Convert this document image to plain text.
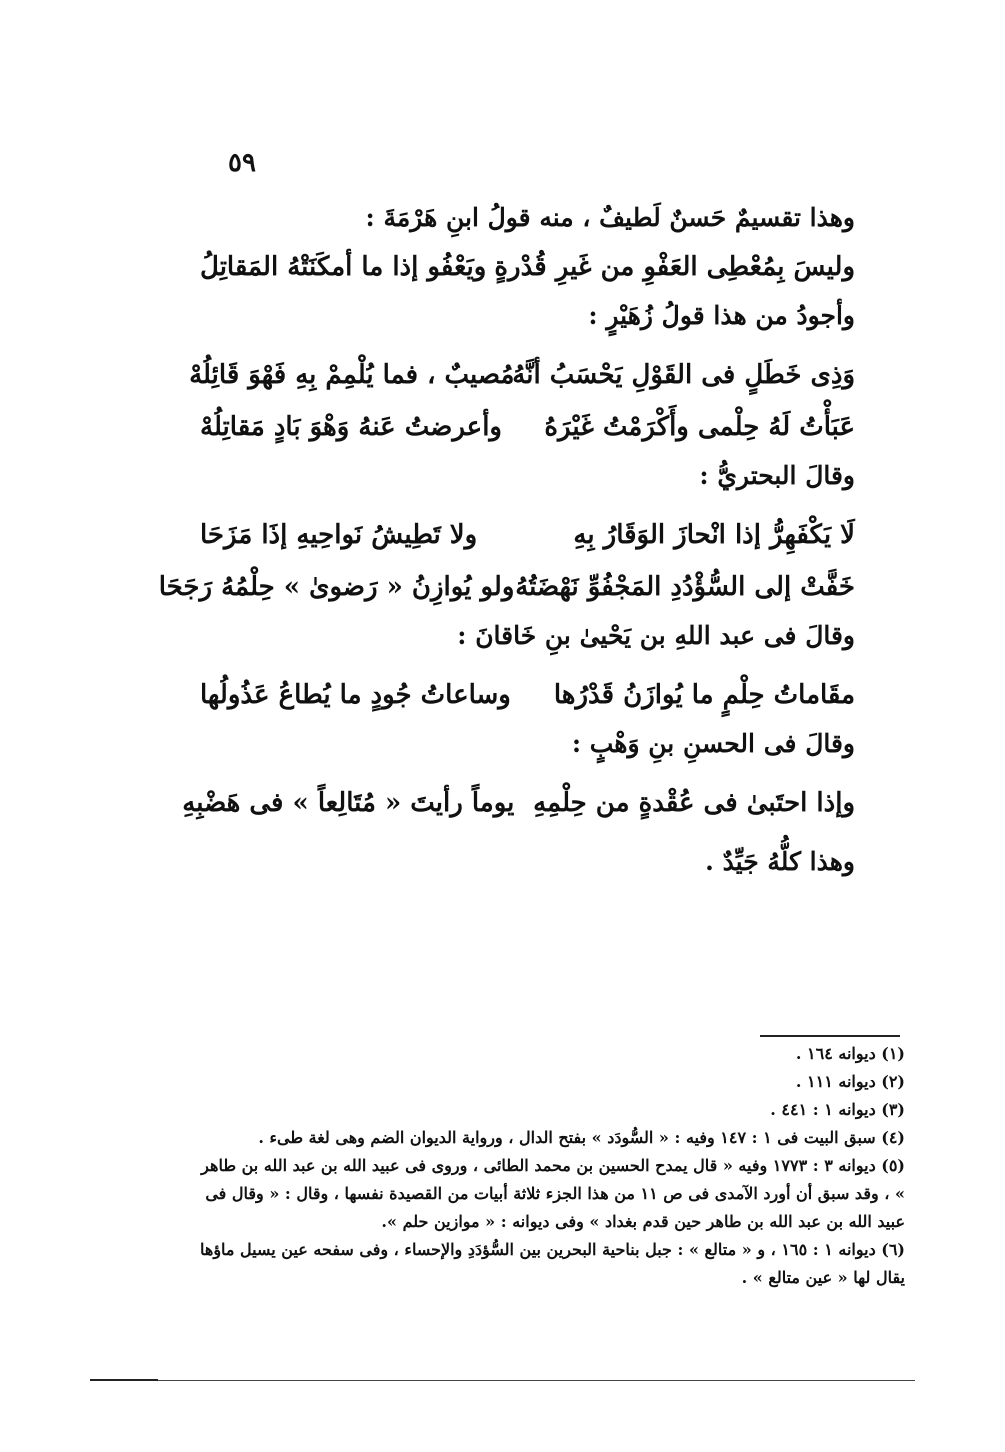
٥٩

وهذا تقسيمٌ حَسنٌ لَطيفٌ ، منه قولُ ابنِ هَرْمَةَ :

وليسَ بِمُعْطِى العَفْوِ من غَيرِ قُدْرةٍ
ويَعْفُو إذا ما أمكَنَتْهُ المَقاتِلُ

وأجودُ من هذا قولُ زُهَيْرٍ :

وَذِى خَطَلٍ فى القَوْلِ يَحْسَبُ أنَّهُ
مُصيبٌ ، فما يُلْمِمْ بِهِ فَهْوَ قَائِلُهْ
عَبَأْتُ لَهُ حِلْمى وأَكْرَمْتُ غَيْرَهُ
وأعرضتُ عَنهُ وَهْوَ بَادٍ مَقاتِلُهْ

وقالَ البحتريُّ :

لَا يَكْفَهِرُّ إذا انْحازَ الوَقَارُ بِهِ
ولا تَطِيشُ نَواحِيهِ إذَا مَزَحَا
خَفَّتْ إلى السُّؤْدُدِ المَجْفُوِّ نَهْضَتُهُ
ولو يُوازِنُ « رَضوىٰ » حِلْمُهُ رَجَحَا

وقالَ فى عبد اللهِ بن يَحْيىٰ بنِ خَاقانَ :

مقَاماتُ حِلْمٍ ما يُوازَنُ قَدْرُها
وساعاتُ جُودٍ ما يُطاعُ عَذُولُها

وقالَ فى الحسنِ بنِ وَهْبٍ :

وإذا احتَبىٰ فى عُقْدةٍ من حِلْمِهِ
يوماً رأيتَ « مُتَالِعاً » فى هَضْبِهِ

وهذا كلُّهُ جَيِّدٌ .

(١) ديوانه ١٦٤ .

(٢) ديوانه ١١١ .

(٣) ديوانه ١ : ٤٤١ .

(٤) سبق البيت فى ١ : ١٤٧ وفيه : « السُّودَد » بفتح الدال ، ورواية الديوان الضم وهى لغة طىء .

(٥) ديوانه ٣ : ١٧٧٣ وفيه « قال يمدح الحسين بن محمد الطائى ، وروى فى عبيد الله بن عبد الله بن طاهر » ، وقد سبق أن أورد الآمدى فى ص ١١ من هذا الجزء ثلاثة أبيات من القصيدة نفسها ، وقال : « وقال فى عبيد الله بن عبد الله بن طاهر حين قدم بغداد » وفى ديوانه : « موازين حلم ».

(٦) ديوانه ١ : ١٦٥ ، و « متالع » : جبل بناحية البحرين بين السُّؤدَدِ والإحساء ، وفى سفحه عين يسيل ماؤها يقال لها « عين متالع » .
